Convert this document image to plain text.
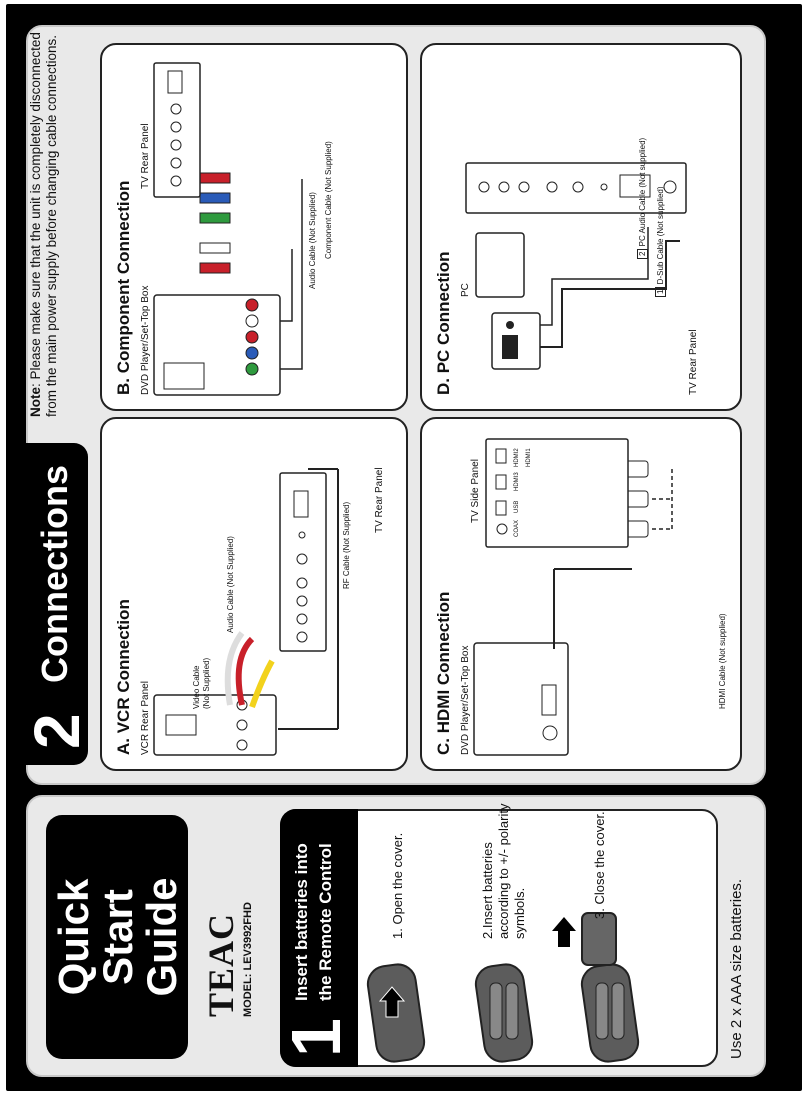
Quick
Start
Guide TEAC MODEL: LEV3992FHD
1
Insert batteries into the Remote Control	1. Open the cover.	2.Insert batteries according to +/- polarity symbols.	3. Close the cover.
Use 2 x AAA size batteries.
2
Connections
Note: Please make sure that the unit is completely disconnected from the main power supply before changing cable connections.
A. VCR Connection VCR Rear Panel	Video Cable (Not Supplied)
Audio Cable (Not Supplied)	RF Cable (Not Supplied)
TV Rear Panel
B. Component Connection DVD Player/Set-Top Box
TV Rear Panel
Audio Cable (Not Supplied) Component Cable (Not Supplied)
C. HDMI Connection DVD Player/Set-Top Box
TV Side Panel
HDMI Cable (Not supplied)
COAX
USB
HDMI3
HDMI2 HDMI1
D. PC Connection PC
TV Rear Panel
2 PC Audio Cable (Not supplied)
1 D-Sub Cable (Not supplied)
